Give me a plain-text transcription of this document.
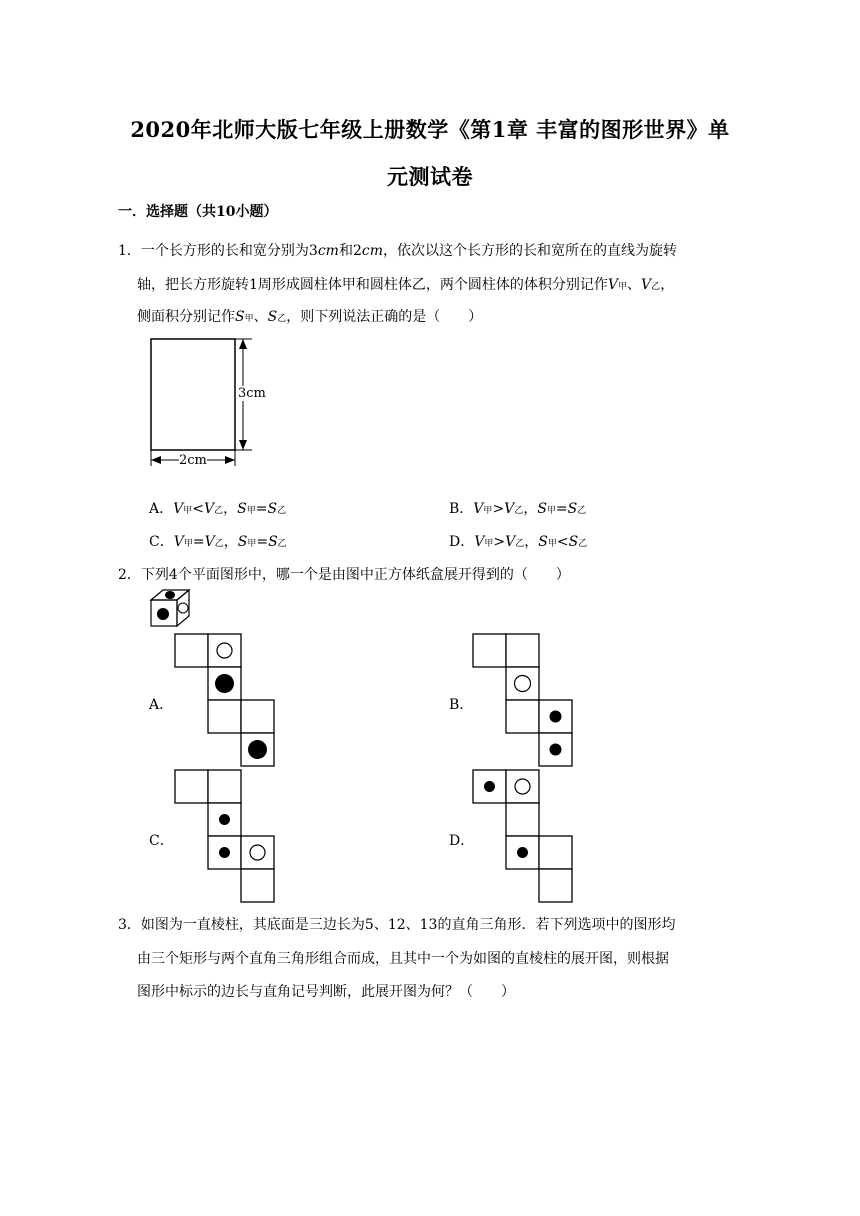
2020年北师大版七年级上册数学《第1章 丰富的图形世界》单
元测试卷
一．选择题（共10小题）
1．一个长方形的长和宽分别为3cm和2cm，依次以这个长方形的长和宽所在的直线为旋转
轴，把长方形旋转1周形成圆柱体甲和圆柱体乙，两个圆柱体的体积分别记作V甲、V乙，
侧面积分别记作S甲、S乙，则下列说法正确的是（　　）
3cm
2cm
A．V甲<V乙，S甲=S乙	B．V甲>V乙，S甲=S乙
C．V甲=V乙，S甲=S乙	D．V甲>V乙，S甲<S乙
2．下列4个平面图形中，哪一个是由图中正方体纸盒展开得到的（　　）
A．	B．
C．	D．
3．如图为一直棱柱，其底面是三边长为5、12、13的直角三角形．若下列选项中的图形均
由三个矩形与两个直角三角形组合而成，且其中一个为如图的直棱柱的展开图，则根据
图形中标示的边长与直角记号判断，此展开图为何？（　　）
